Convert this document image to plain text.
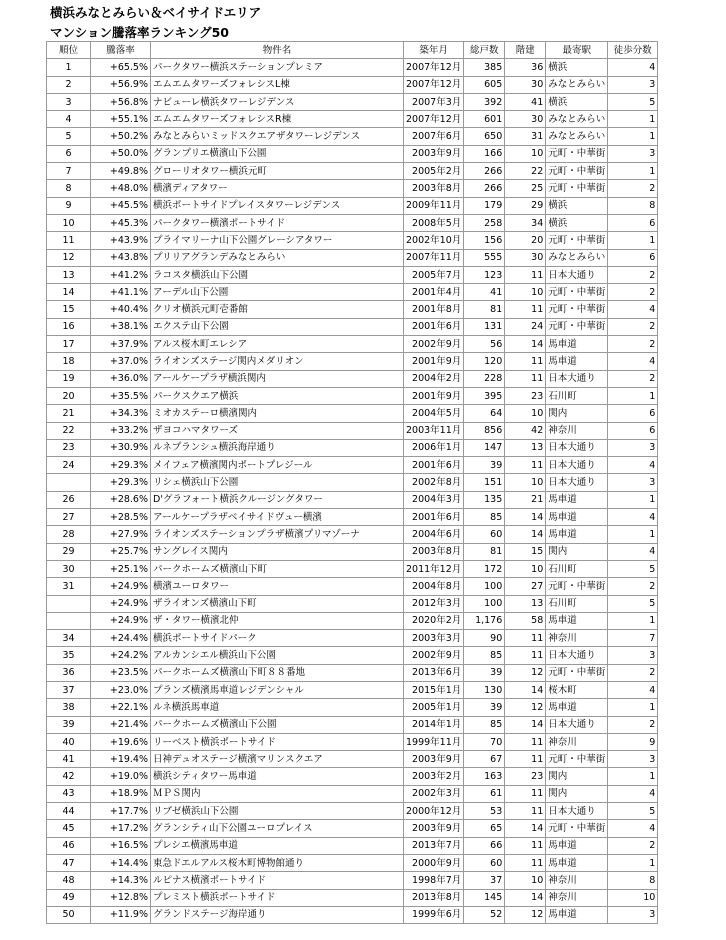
横浜みなとみらい＆ベイサイドエリア
マンション騰落率ランキング50
順位	騰落率	物件名	築年月	総戸数	階建	最寄駅	徒歩分数
1	+65.5%	パークタワー横浜ステーションプレミア	2007年12月	385	36	横浜	4
2	+56.9%	エムエムタワーズフォレシスL棟	2007年12月	605	30	みなとみらい	3
3	+56.8%	ナビューレ横浜タワーレジデンス	2007年3月	392	41	横浜	5
4	+55.1%	エムエムタワーズフォレシスR棟	2007年12月	601	30	みなとみらい	1
5	+50.2%	みなとみらいミッドスクエアザタワーレジデンス	2007年6月	650	31	みなとみらい	1
6	+50.0%	グランプリエ横濱山下公園	2003年9月	166	10	元町・中華街	3
7	+49.8%	グローリオタワー横浜元町	2005年2月	266	22	元町・中華街	1
8	+48.0%	横濱ディアタワー	2003年8月	266	25	元町・中華街	2
9	+45.5%	横浜ポートサイドプレイスタワーレジデンス	2009年11月	179	29	横浜	8
10	+45.3%	パークタワー横濱ポートサイド	2008年5月	258	34	横浜	6
11	+43.9%	プライマリーナ山下公園グレーシアタワー	2002年10月	156	20	元町・中華街	1
12	+43.8%	プリリアグランデみなとみらい	2007年11月	555	30	みなとみらい	6
13	+41.2%	ラコスタ横浜山下公園	2005年7月	123	11	日本大通り	2
14	+41.1%	アーデル山下公園	2001年4月	41	10	元町・中華街	2
15	+40.4%	クリオ横浜元町壱番館	2001年8月	81	11	元町・中華街	4
16	+38.1%	エクステ山下公園	2001年6月	131	24	元町・中華街	2
17	+37.9%	アルス桜木町エレシア	2002年9月	56	14	馬車道	2
18	+37.0%	ライオンズステージ関内メダリオン	2001年9月	120	11	馬車道	4
19	+36.0%	アールケープラザ横浜関内	2004年2月	228	11	日本大通り	2
20	+35.5%	パークスクエア横浜	2001年9月	395	23	石川町	1
21	+34.3%	ミオカステーロ横濱関内	2004年5月	64	10	関内	6
22	+33.2%	ザヨコハマタワーズ	2003年11月	856	42	神奈川	6
23	+30.9%	ルネプランシュ横浜海岸通り	2006年1月	147	13	日本大通り	3
24	+29.3%	メイフェア横濱関内ポートプレジール	2001年6月	39	11	日本大通り	4
	+29.3%	リシェ横浜山下公園	2002年8月	151	10	日本大通り	3
26	+28.6%	D'グラフォート横浜クルージングタワー	2004年3月	135	21	馬車道	1
27	+28.5%	アールケープラザベイサイドヴュー横濱	2001年6月	85	14	馬車道	4
28	+27.9%	ライオンズステーションプラザ横濱プリマゾーナ	2004年6月	60	14	馬車道	1
29	+25.7%	サングレイス関内	2003年8月	81	15	関内	4
30	+25.1%	パークホームズ横濱山下町	2011年12月	172	10	石川町	5
31	+24.9%	横濱ユーロタワー	2004年8月	100	27	元町・中華街	2
	+24.9%	ザライオンズ横濱山下町	2012年3月	100	13	石川町	5
	+24.9%	ザ・タワー横濱北仲	2020年2月	1,176	58	馬車道	1
34	+24.4%	横浜ポートサイドパーク	2003年3月	90	11	神奈川	7
35	+24.2%	アルカンシエル横浜山下公園	2002年9月	85	11	日本大通り	3
36	+23.5%	パークホームズ横濱山下町８８番地	2013年6月	39	12	元町・中華街	2
37	+23.0%	プランズ横濱馬車道レジデンシャル	2015年1月	130	14	桜木町	4
38	+22.1%	ルネ横浜馬車道	2005年1月	39	12	馬車道	1
39	+21.4%	パークホームズ横濱山下公園	2014年1月	85	14	日本大通り	2
40	+19.6%	リーベスト横浜ポートサイド	1999年11月	70	11	神奈川	9
41	+19.4%	日神デュオステージ横濱マリンスクエア	2003年9月	67	11	元町・中華街	3
42	+19.0%	横浜シティタワー馬車道	2003年2月	163	23	関内	1
43	+18.9%	ＭＰＳ関内	2002年3月	61	11	関内	4
44	+17.7%	リブゼ横浜山下公園	2000年12月	53	11	日本大通り	5
45	+17.2%	グランシティ山下公園ユーロプレイス	2003年9月	65	14	元町・中華街	4
46	+16.5%	プレシエ横濱馬車道	2013年7月	66	11	馬車道	2
47	+14.4%	東急ドエルアルス桜木町博物館通り	2000年9月	60	11	馬車道	1
48	+14.3%	ルピナス横濱ポートサイド	1998年7月	37	10	神奈川	8
49	+12.8%	プレミスト横浜ポートサイド	2013年8月	145	14	神奈川	10
50	+11.9%	グランドステージ海岸通り	1999年6月	52	12	馬車道	3
